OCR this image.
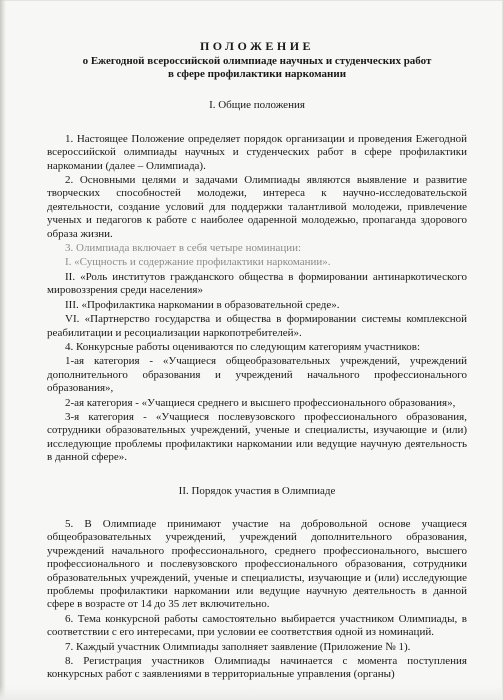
ПОЛОЖЕНИЕ
о Ежегодной всероссийской олимпиаде научных и студенческих работ
в сфере профилактики наркомании
I. Общие положения

1. Настоящее Положение определяет порядок организации и проведения Ежегодной всероссийской олимпиады научных и студенческих работ в сфере профилактики наркомании (далее – Олимпиада).

2. Основными целями и задачами Олимпиады являются выявление и развитие творческих способностей молодежи, интереса к научно-исследовательской деятельности, создание условий для поддержки талантливой молодежи, привлечение ученых и педагогов к работе с наиболее одаренной молодежью, пропаганда здорового образа жизни.

3. Олимпиада включает в себя четыре номинации:

I. «Сущность и содержание профилактики наркомании».

II. «Роль институтов гражданского общества в формировании антинаркотического мировоззрения среди населения»

III. «Профилактика наркомании в образовательной среде».

VI. «Партнерство государства и общества в формировании системы комплексной реабилитации и ресоциализации наркопотребителей».

4. Конкурсные работы оцениваются по следующим категориям участников:

1-ая категория - «Учащиеся общеобразовательных учреждений, учреждений дополнительного образования и учреждений начального профессионального образования»,

2-ая категория - «Учащиеся среднего и высшего профессионального образования»,

3-я категория - «Учащиеся послевузовского профессионального образования, сотрудники образовательных учреждений, ученые и специалисты, изучающие и (или) исследующие проблемы профилактики наркомании или ведущие научную деятельность в данной сфере».

II. Порядок участия в Олимпиаде

5. В Олимпиаде принимают участие на добровольной основе учащиеся общеобразовательных учреждений, учреждений дополнительного образования, учреждений начального профессионального, среднего профессионального, высшего профессионального и послевузовского профессионального образования, сотрудники образовательных учреждений, ученые и специалисты, изучающие и (или) исследующие проблемы профилактики наркомании или ведущие научную деятельность в данной сфере в возрасте от 14 до 35 лет включительно.

6. Тема конкурсной работы самостоятельно выбирается участником Олимпиады, в соответствии с его интересами, при условии ее соответствия одной из номинаций.

7. Каждый участник Олимпиады заполняет заявление (Приложение № 1).

8. Регистрация участников Олимпиады начинается с момента поступления конкурсных работ с заявлениями в территориальные управления (органы)
